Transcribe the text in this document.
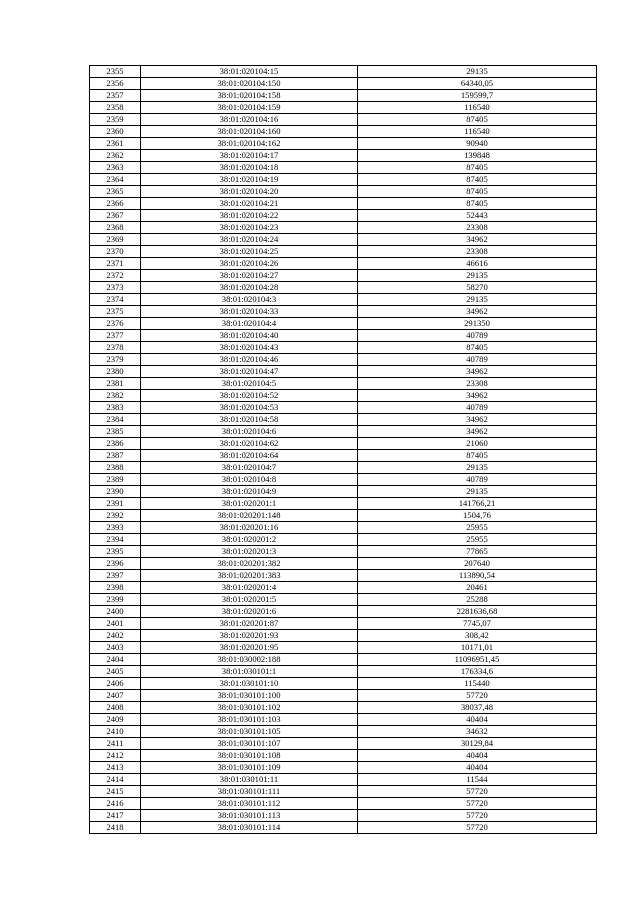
2355	38:01:020104:15	29135
2356	38:01:020104:150	64340,05
2357	38:01:020104:158	159599,7
2358	38:01:020104:159	116540
2359	38:01:020104:16	87405
2360	38:01:020104:160	116540
2361	38:01:020104:162	90940
2362	38:01:020104:17	139848
2363	38:01:020104:18	87405
2364	38:01:020104:19	87405
2365	38:01:020104:20	87405
2366	38:01:020104:21	87405
2367	38:01:020104:22	52443
2368	38:01:020104:23	23308
2369	38:01:020104:24	34962
2370	38:01:020104:25	23308
2371	38:01:020104:26	46616
2372	38:01:020104:27	29135
2373	38:01:020104:28	58270
2374	38:01:020104:3	29135
2375	38:01:020104:33	34962
2376	38:01:020104:4	291350
2377	38:01:020104:40	40789
2378	38:01:020104:43	87405
2379	38:01:020104:46	40789
2380	38:01:020104:47	34962
2381	38:01:020104:5	23308
2382	38:01:020104:52	34962
2383	38:01:020104:53	40789
2384	38:01:020104:58	34962
2385	38:01:020104:6	34962
2386	38:01:020104:62	21060
2387	38:01:020104:64	87405
2388	38:01:020104:7	29135
2389	38:01:020104:8	40789
2390	38:01:020104:9	29135
2391	38:01:020201:1	141766,21
2392	38:01:020201:148	1504,76
2393	38:01:020201:16	25955
2394	38:01:020201:2	25955
2395	38:01:020201:3	77865
2396	38:01:020201:382	207640
2397	38:01:020201:383	113890,54
2398	38:01:020201:4	20461
2399	38:01:020201:5	25288
2400	38:01:020201:6	2281636,68
2401	38:01:020201:87	7745,07
2402	38:01:020201:93	308,42
2403	38:01:020201:95	10171,01
2404	38:01:030002:188	11096951,45
2405	38:01:030101:1	176334,6
2406	38:01:030101:10	115440
2407	38:01:030101:100	57720
2408	38:01:030101:102	38037,48
2409	38:01:030101:103	40404
2410	38:01:030101:105	34632
2411	38:01:030101:107	30129,84
2412	38:01:030101:108	40404
2413	38:01:030101:109	40404
2414	38:01:030101:11	11544
2415	38:01:030101:111	57720
2416	38:01:030101:112	57720
2417	38:01:030101:113	57720
2418	38:01:030101:114	57720
